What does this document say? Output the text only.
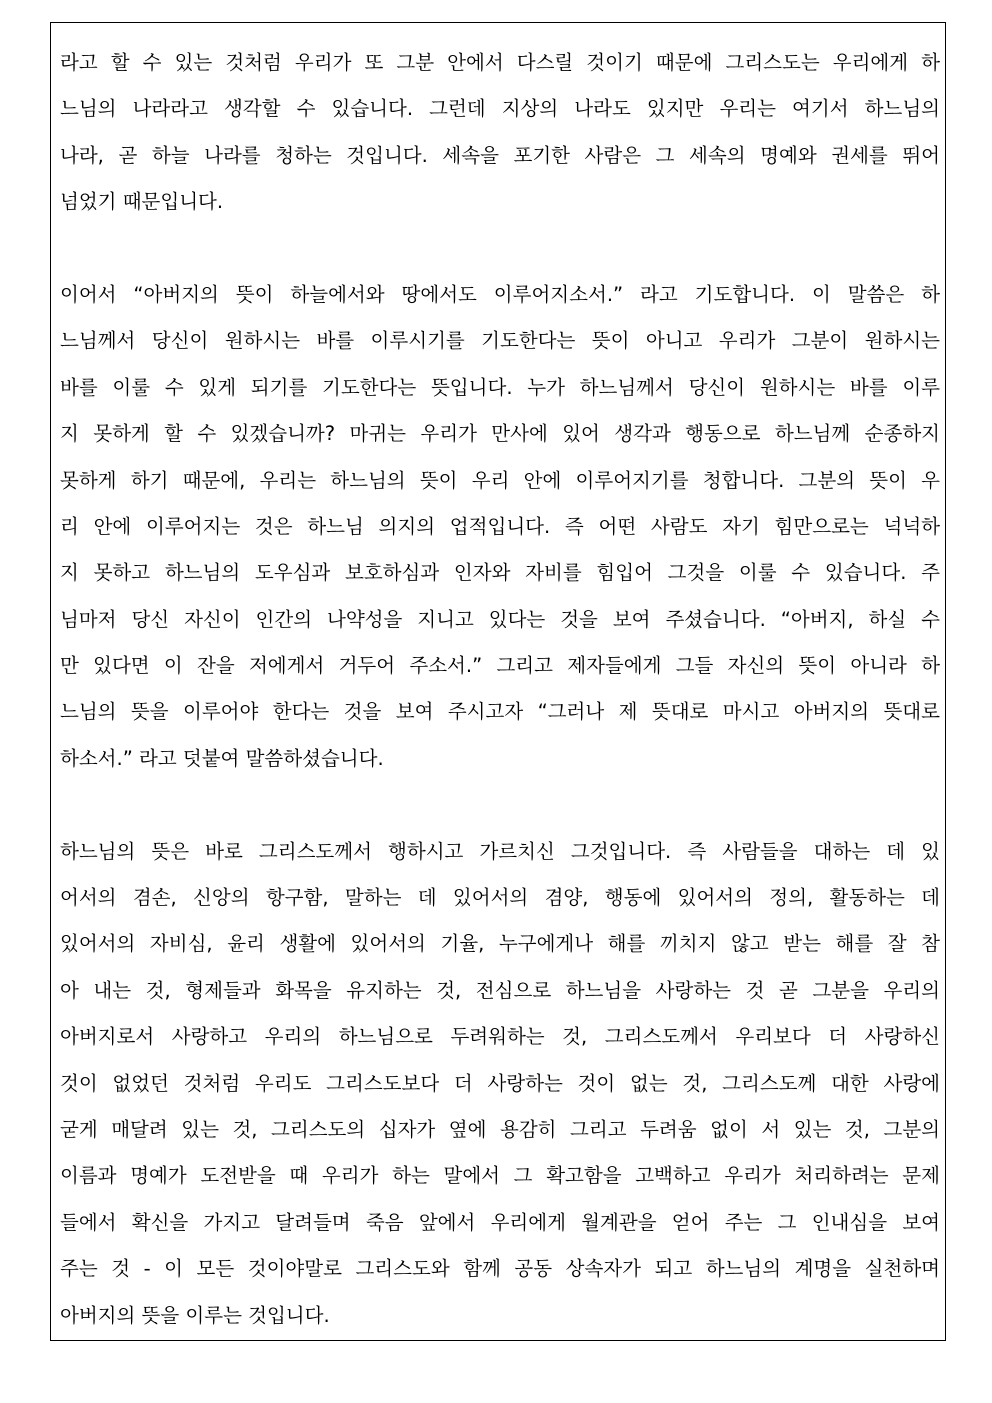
라고 할 수 있는 것처럼 우리가 또 그분 안에서 다스릴 것이기 때문에 그리스도는 우리에게 하
느님의 나라라고 생각할 수 있습니다. 그런데 지상의 나라도 있지만 우리는 여기서 하느님의
나라, 곧 하늘 나라를 청하는 것입니다. 세속을 포기한 사람은 그 세속의 명예와 권세를 뛰어
넘었기 때문입니다.
이어서 “아버지의 뜻이 하늘에서와 땅에서도 이루어지소서.” 라고 기도합니다. 이 말씀은 하
느님께서 당신이 원하시는 바를 이루시기를 기도한다는 뜻이 아니고 우리가 그분이 원하시는
바를 이룰 수 있게 되기를 기도한다는 뜻입니다. 누가 하느님께서 당신이 원하시는 바를 이루
지 못하게 할 수 있겠습니까? 마귀는 우리가 만사에 있어 생각과 행동으로 하느님께 순종하지
못하게 하기 때문에, 우리는 하느님의 뜻이 우리 안에 이루어지기를 청합니다. 그분의 뜻이 우
리 안에 이루어지는 것은 하느님 의지의 업적입니다. 즉 어떤 사람도 자기 힘만으로는 넉넉하
지 못하고 하느님의 도우심과 보호하심과 인자와 자비를 힘입어 그것을 이룰 수 있습니다. 주
님마저 당신 자신이 인간의 나약성을 지니고 있다는 것을 보여 주셨습니다. “아버지, 하실 수
만 있다면 이 잔을 저에게서 거두어 주소서.” 그리고 제자들에게 그들 자신의 뜻이 아니라 하
느님의 뜻을 이루어야 한다는 것을 보여 주시고자 “그러나 제 뜻대로 마시고 아버지의 뜻대로
하소서.” 라고 덧붙여 말씀하셨습니다.
하느님의 뜻은 바로 그리스도께서 행하시고 가르치신 그것입니다. 즉 사람들을 대하는 데 있
어서의 겸손, 신앙의 항구함, 말하는 데 있어서의 겸양, 행동에 있어서의 정의, 활동하는 데
있어서의 자비심, 윤리 생활에 있어서의 기율, 누구에게나 해를 끼치지 않고 받는 해를 잘 참
아 내는 것, 형제들과 화목을 유지하는 것, 전심으로 하느님을 사랑하는 것 곧 그분을 우리의
아버지로서 사랑하고 우리의 하느님으로 두려워하는 것, 그리스도께서 우리보다 더 사랑하신
것이 없었던 것처럼 우리도 그리스도보다 더 사랑하는 것이 없는 것, 그리스도께 대한 사랑에
굳게 매달려 있는 것, 그리스도의 십자가 옆에 용감히 그리고 두려움 없이 서 있는 것, 그분의
이름과 명예가 도전받을 때 우리가 하는 말에서 그 확고함을 고백하고 우리가 처리하려는 문제
들에서 확신을 가지고 달려들며 죽음 앞에서 우리에게 월계관을 얻어 주는 그 인내심을 보여
주는 것 - 이 모든 것이야말로 그리스도와 함께 공동 상속자가 되고 하느님의 계명을 실천하며
아버지의 뜻을 이루는 것입니다.
